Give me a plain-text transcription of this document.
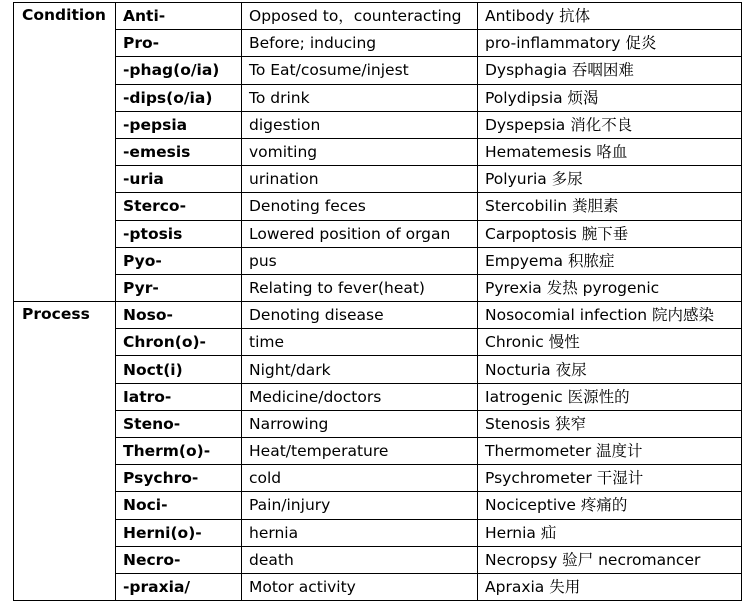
Condition	Anti-	Opposed to，counteracting	Antibody 抗体
	Pro-	Before; inducing	pro-inflammatory 促炎
	-phag(o/ia)	To Eat/cosume/injest	Dysphagia 吞咽困难
	-dips(o/ia)	To drink	Polydipsia 烦渴
	-pepsia	digestion	Dyspepsia 消化不良
	-emesis	vomiting	Hematemesis 咯血
	-uria	urination	Polyuria 多尿
	Sterco-	Denoting feces	Stercobilin 粪胆素
	-ptosis	Lowered position of organ	Carpoptosis 腕下垂
	Pyo-	pus	Empyema 积脓症
	Pyr-	Relating to fever(heat)	Pyrexia 发热 pyrogenic
Process	Noso-	Denoting disease	Nosocomial infection 院内感染
	Chron(o)-	time	Chronic 慢性
	Noct(i)	Night/dark	Nocturia 夜尿
	Iatro-	Medicine/doctors	Iatrogenic 医源性的
	Steno-	Narrowing	Stenosis 狭窄
	Therm(o)-	Heat/temperature	Thermometer 温度计
	Psychro-	cold	Psychrometer 干湿计
	Noci-	Pain/injury	Nociceptive 疼痛的
	Herni(o)-	hernia	Hernia 疝
	Necro-	death	Necropsy 验尸 necromancer
	-praxia/	Motor activity	Apraxia 失用
